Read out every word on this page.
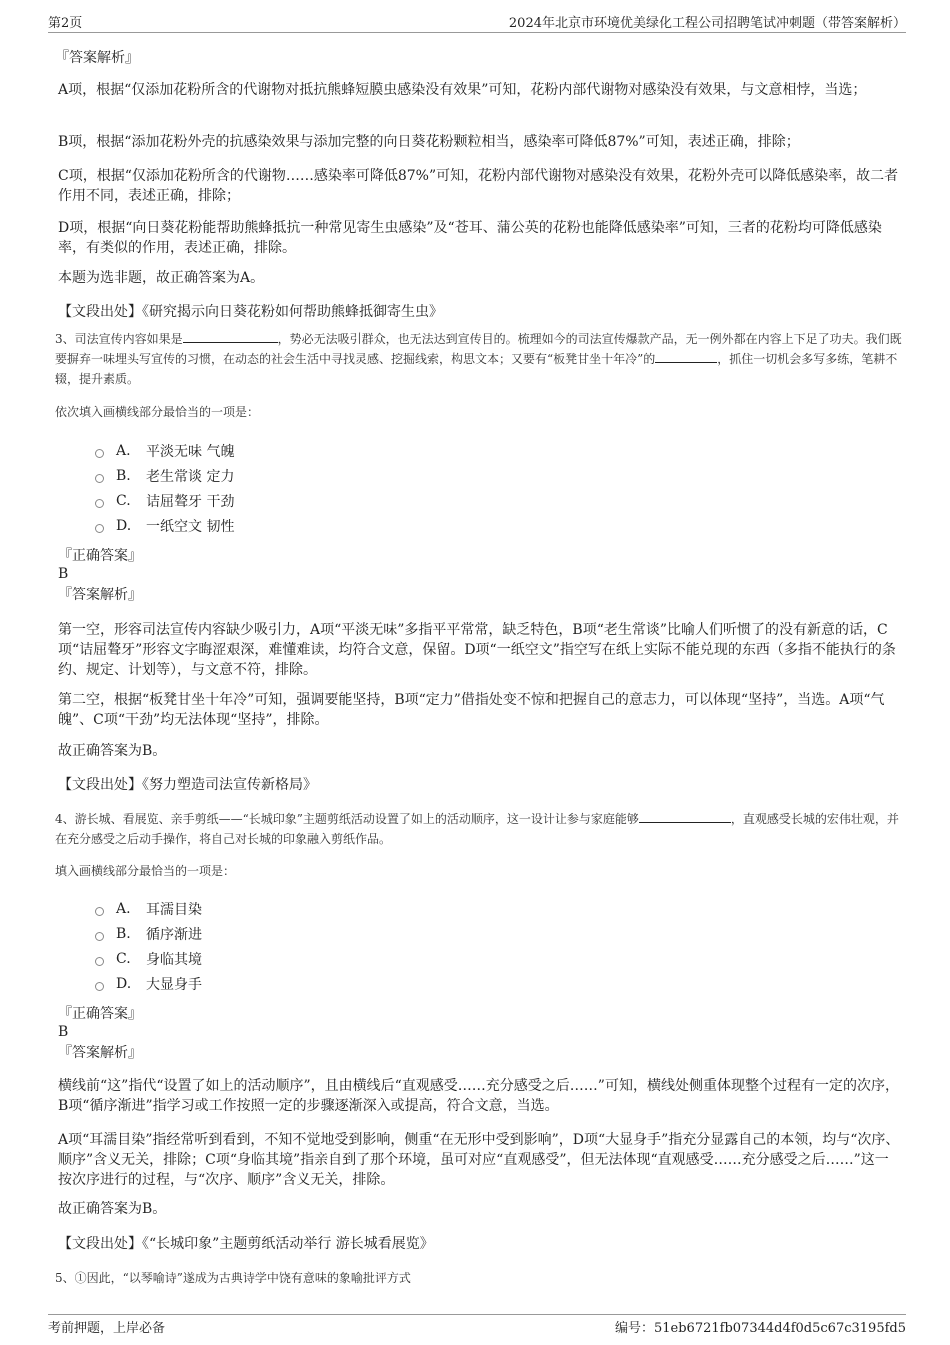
第2页	2024年北京市环境优美绿化工程公司招聘笔试冲刺题（带答案解析）
『答案解析』

A项，根据“仅添加花粉所含的代谢物对抵抗熊蜂短膜虫感染没有效果”可知，花粉内部代谢物对感染没有效果，与文意相悖，当选；

B项，根据“添加花粉外壳的抗感染效果与添加完整的向日葵花粉颗粒相当，感染率可降低87%”可知，表述正确，排除；

C项，根据“仅添加花粉所含的代谢物……感染率可降低87%”可知，花粉内部代谢物对感染没有效果，花粉外壳可以降低感染率，故二者作用不同，表述正确，排除；

D项，根据“向日葵花粉能帮助熊蜂抵抗一种常见寄生虫感染”及“苍耳、蒲公英的花粉也能降低感染率”可知，三者的花粉均可降低感染率，有类似的作用，表述正确，排除。

本题为选非题，故正确答案为A。

【文段出处】《研究揭示向日葵花粉如何帮助熊蜂抵御寄生虫》

3、司法宣传内容如果是	，势必无法吸引群众，也无法达到宣传目的。梳理如今的司法宣传爆款产品，无一例外都在内容上下足了功夫。我们既要摒弃一味埋头写宣传的习惯，在动态的社会生活中寻找灵感、挖掘线索，构思文本；又要有“板凳甘坐十年冷”的	，抓住一切机会多写多练，笔耕不辍，提升素质。
依次填入画横线部分最恰当的一项是：
A.	平淡无味 气魄
B.	老生常谈 定力
C.	诘屈聱牙 干劲
D.	一纸空文 韧性
『正确答案』
B
『答案解析』

第一空，形容司法宣传内容缺少吸引力，A项“平淡无味”多指平平常常，缺乏特色，B项“老生常谈”比喻人们听惯了的没有新意的话，C项“诘屈聱牙”形容文字晦涩艰深，难懂难读，均符合文意，保留。D项“一纸空文”指空写在纸上实际不能兑现的东西（多指不能执行的条约、规定、计划等），与文意不符，排除。

第二空，根据“板凳甘坐十年冷”可知，强调要能坚持，B项“定力”借指处变不惊和把握自己的意志力，可以体现“坚持”，当选。A项“气魄”、C项“干劲”均无法体现“坚持”，排除。

故正确答案为B。

【文段出处】《努力塑造司法宣传新格局》

4、游长城、看展览、亲手剪纸——“长城印象”主题剪纸活动设置了如上的活动顺序，这一设计让参与家庭能够	，直观感受长城的宏伟壮观，并在充分感受之后动手操作，将自己对长城的印象融入剪纸作品。
填入画横线部分最恰当的一项是：
A.	耳濡目染
B.	循序渐进
C.	身临其境
D.	大显身手
『正确答案』
B
『答案解析』

横线前“这”指代“设置了如上的活动顺序”，且由横线后“直观感受……充分感受之后……”可知，横线处侧重体现整个过程有一定的次序，B项“循序渐进”指学习或工作按照一定的步骤逐渐深入或提高，符合文意，当选。

A项“耳濡目染”指经常听到看到，不知不觉地受到影响，侧重“在无形中受到影响”，D项“大显身手”指充分显露自己的本领，均与“次序、顺序”含义无关，排除；C项“身临其境”指亲自到了那个环境，虽可对应“直观感受”，但无法体现“直观感受……充分感受之后……”这一按次序进行的过程，与“次序、顺序”含义无关，排除。

故正确答案为B。

【文段出处】《“长城印象”主题剪纸活动举行 游长城看展览》

5、①因此，“以琴喻诗”遂成为古典诗学中饶有意味的象喻批评方式
考前押题，上岸必备	编号：51eb6721fb07344d4f0d5c67c3195fd5
